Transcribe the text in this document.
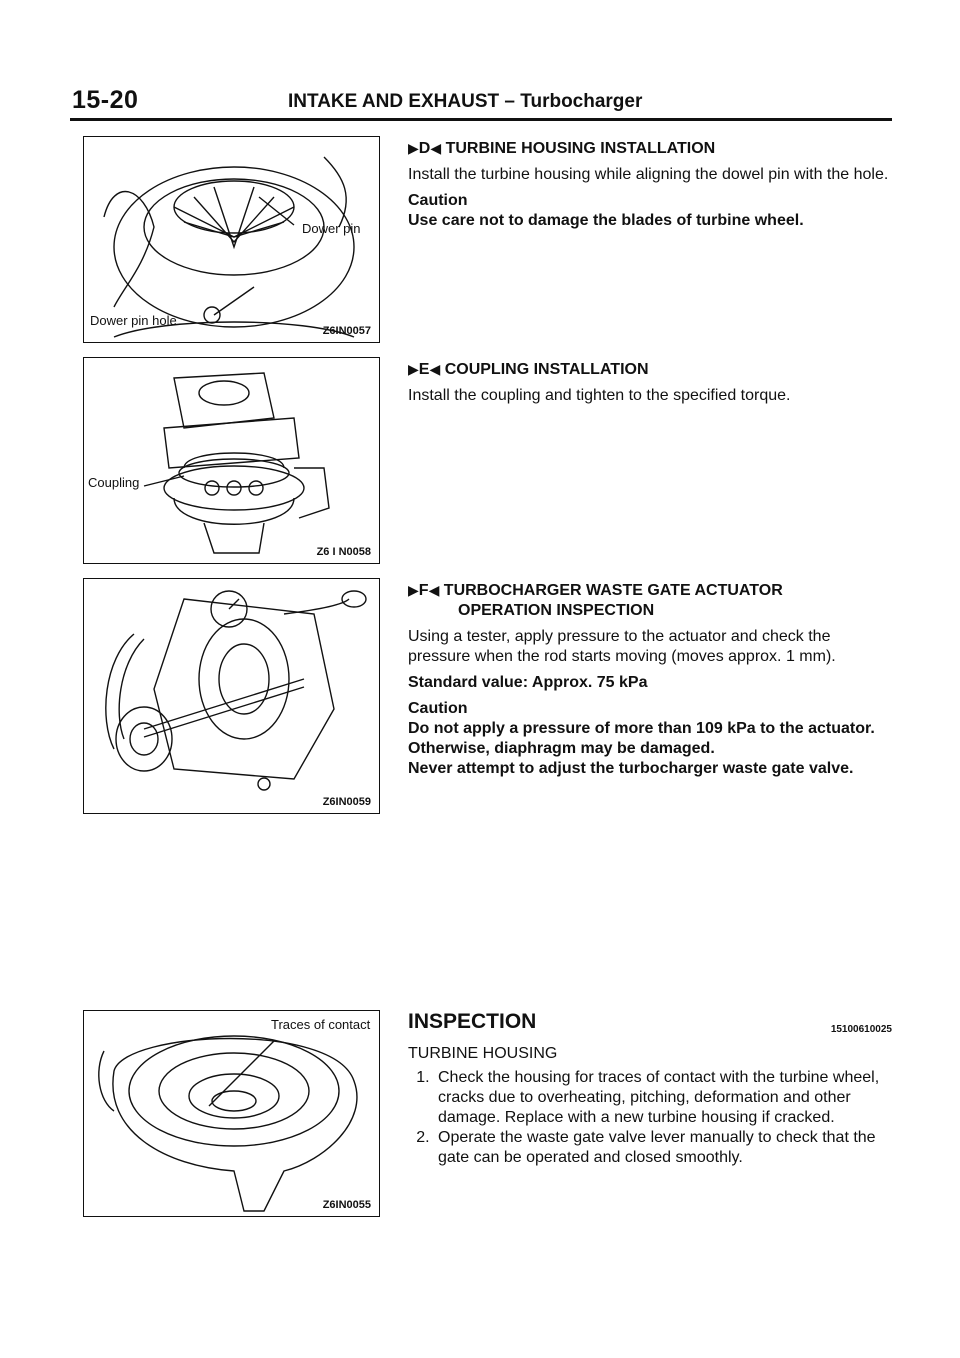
15-20	INTAKE AND EXHAUST – Turbocharger
Dower pin
Dower pin hole
Z6IN0057
Coupling
Z6 I N0058
Z6IN0059
Traces of contact
Z6IN0055

▶D◀ TURBINE HOUSING INSTALLATION

Install the turbine housing while aligning the dowel pin with the hole.

Caution

Use care not to damage the blades of turbine wheel.

▶E◀ COUPLING INSTALLATION

Install the coupling and tighten to the specified torque.

▶F◀ TURBOCHARGER WASTE GATE ACTUATOR

OPERATION INSPECTION

Using a tester, apply pressure to the actuator and check the pressure when the rod starts moving (moves approx. 1 mm).

Standard value: Approx. 75 kPa

Caution

Do not apply a pressure of more than 109 kPa to the actuator.

Otherwise, diaphragm may be damaged.

Never attempt to adjust the turbocharger waste gate valve.

INSPECTION	15100610025

TURBINE HOUSING

1. Check the housing for traces of contact with the turbine wheel, cracks due to overheating, pitching, deformation and other damage. Replace with a new turbine housing if cracked.
2. Operate the waste gate valve lever manually to check that the gate can be operated and closed smoothly.
